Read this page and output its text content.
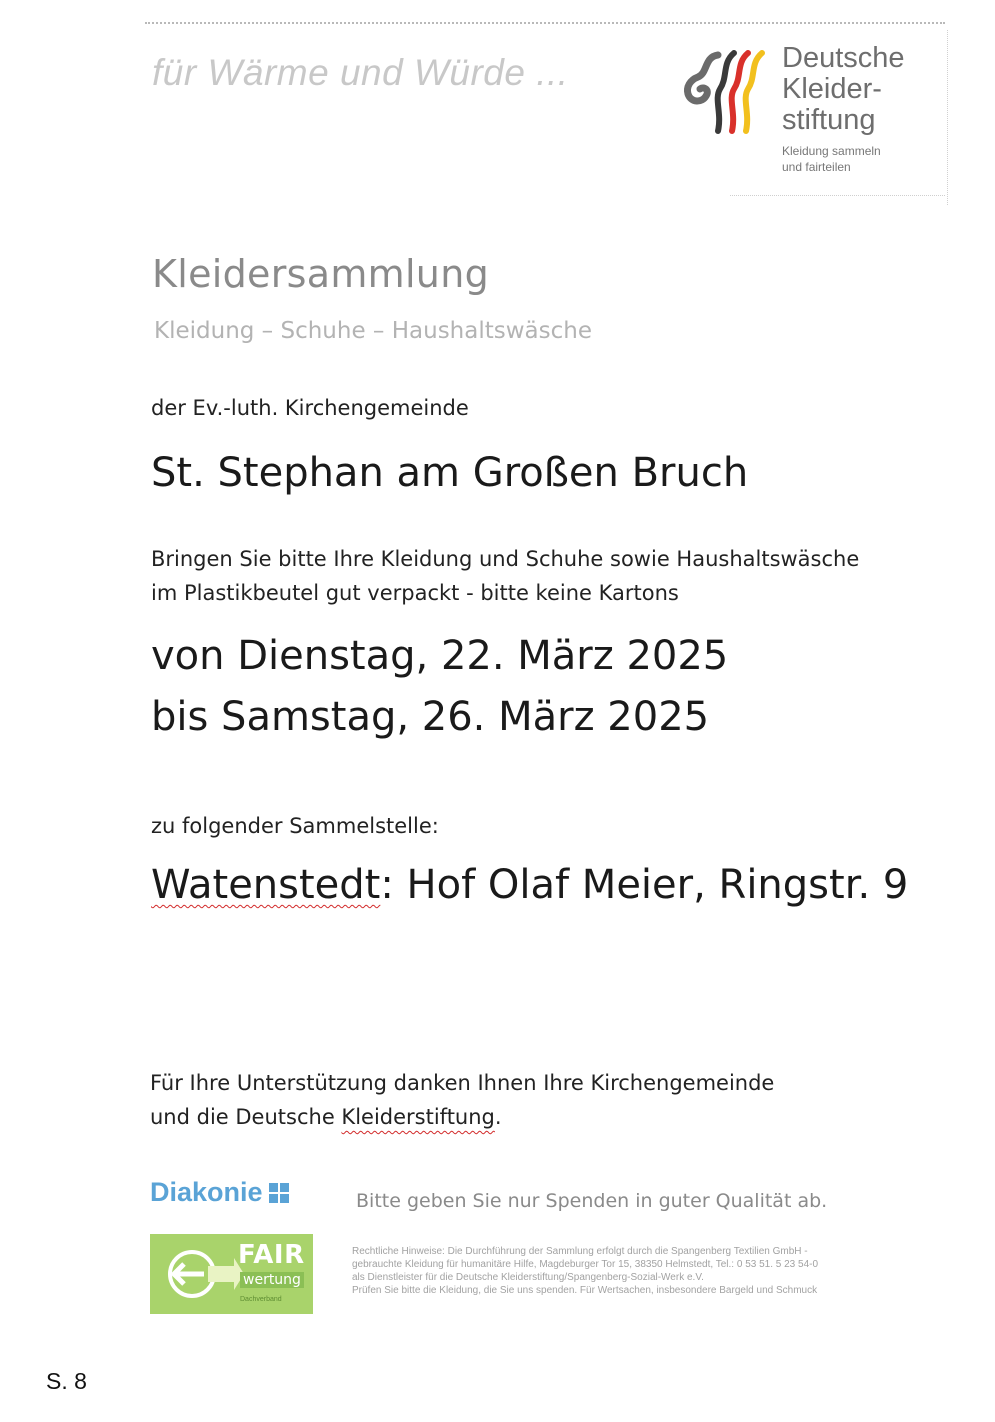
für Wärme und Würde ...	Deutsche
Kleider-
stiftung
Kleidung sammeln
und fairteilen
Kleidersammlung
Kleidung – Schuhe – Haushaltswäsche
der Ev.-luth. Kirchengemeinde
St. Stephan am Großen Bruch
Bringen Sie bitte Ihre Kleidung und Schuhe sowie Haushaltswäsche
im Plastikbeutel gut verpackt - bitte keine Kartons
von Dienstag, 22. März 2025
bis Samstag, 26. März 2025
zu folgender Sammelstelle:
Watenstedt: Hof Olaf Meier, Ringstr. 9
Für Ihre Unterstützung danken Ihnen Ihre Kirchengemeinde
und die Deutsche Kleiderstiftung.
Diakonie	Bitte geben Sie nur Spenden in guter Qualität ab.
FAIR
wertung
Dachverband

Rechtliche Hinweise: Die Durchführung der Sammlung erfolgt durch die Spangenberg Textilien GmbH -

gebrauchte Kleidung für humanitäre Hilfe, Magdeburger Tor 15, 38350 Helmstedt, Tel.: 0 53 51. 5 23 54-0

als Dienstleister für die Deutsche Kleiderstiftung/Spangenberg-Sozial-Werk e.V.

Prüfen Sie bitte die Kleidung, die Sie uns spenden. Für Wertsachen, insbesondere Bargeld und Schmuck

S. 8
